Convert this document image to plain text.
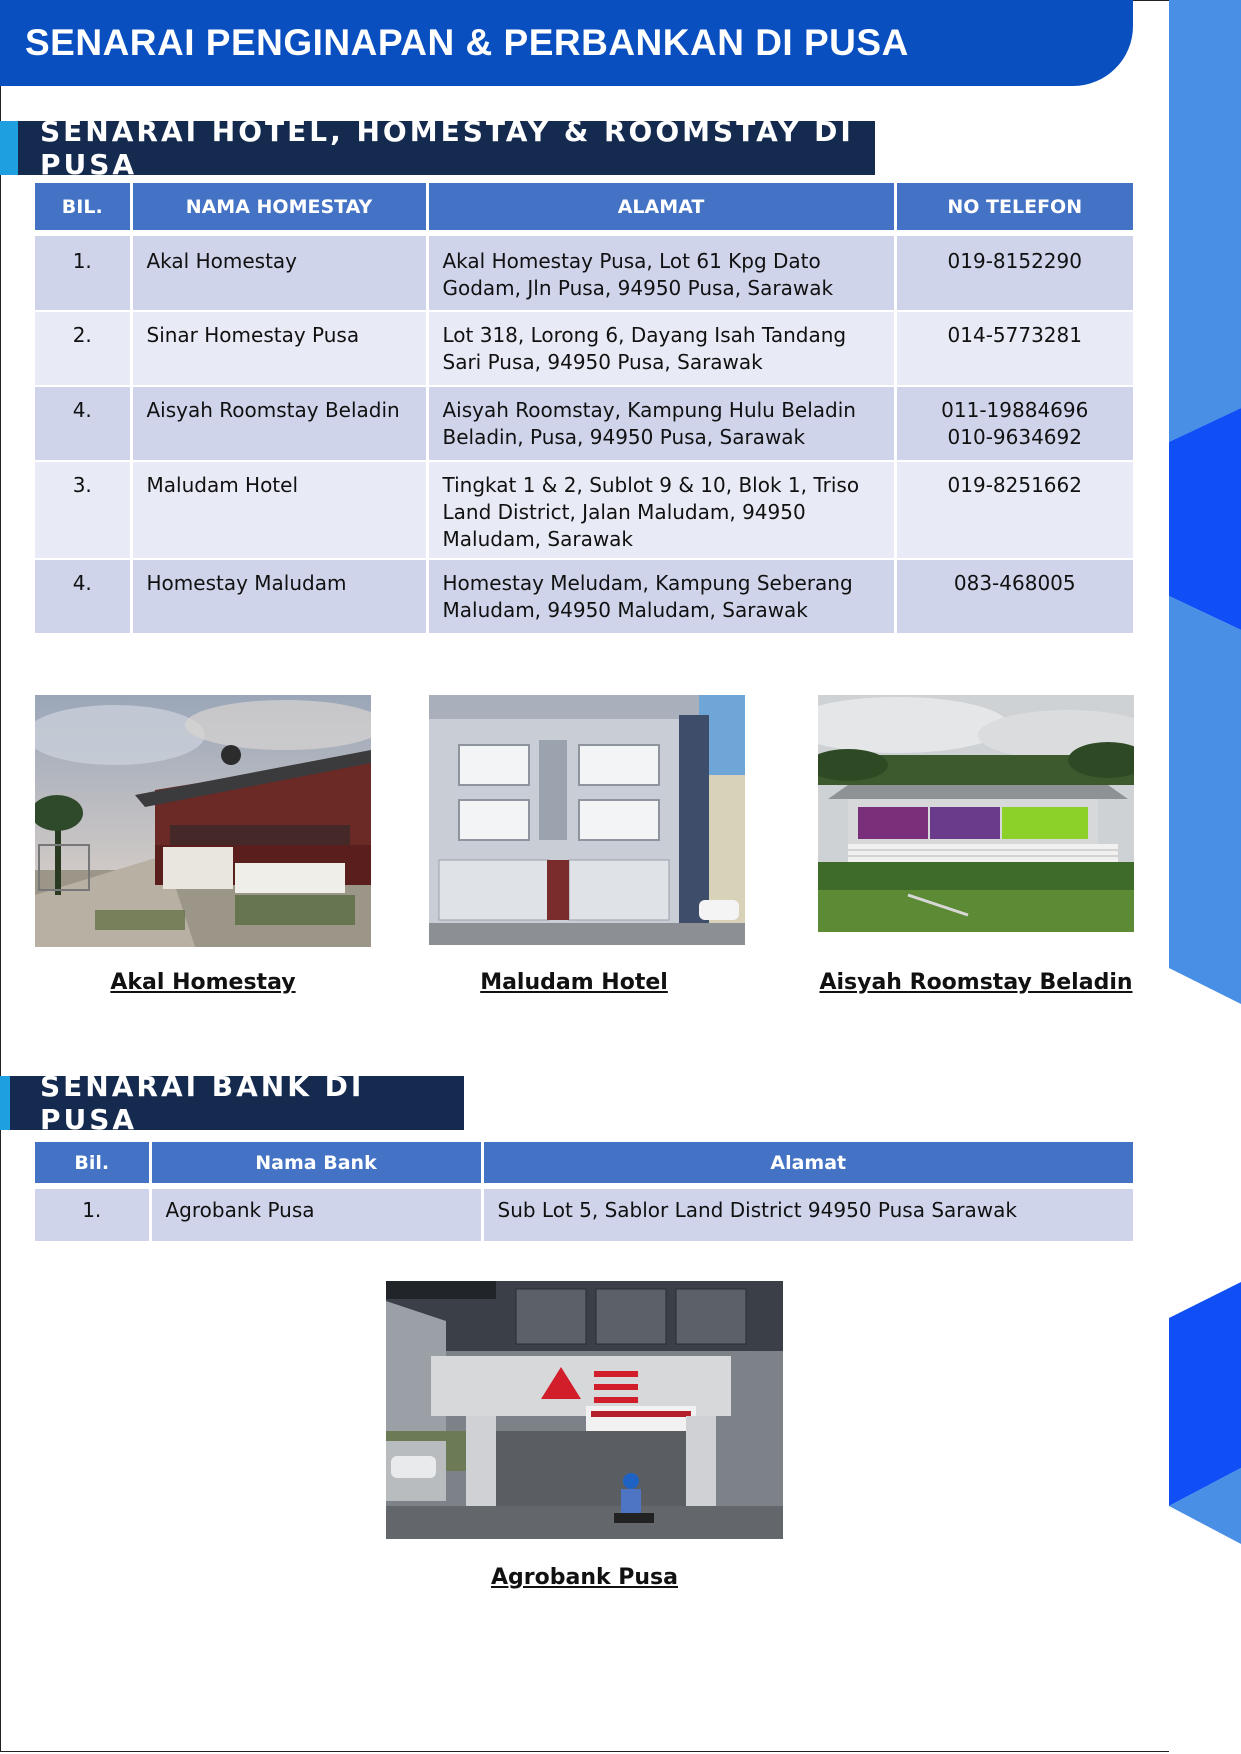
SENARAI PENGINAPAN & PERBANKAN DI PUSA
SENARAI HOTEL, HOMESTAY & ROOMSTAY DI PUSA
BIL.	NAMA HOMESTAY	ALAMAT	NO TELEFON
1.	Akal Homestay	Akal Homestay Pusa, Lot 61 Kpg Dato Godam, Jln Pusa, 94950 Pusa, Sarawak	019-8152290

2.	Sinar Homestay Pusa	Lot 318, Lorong 6, Dayang Isah Tandang Sari Pusa, 94950 Pusa, Sarawak	014-5773281

4.	Aisyah Roomstay Beladin	Aisyah Roomstay, Kampung Hulu Beladin Beladin, Pusa, 94950 Pusa, Sarawak	011-19884696
010-9634692

3.	Maludam Hotel	Tingkat 1 & 2, Sublot 9 & 10, Blok 1, Triso Land District, Jalan Maludam, 94950 Maludam, Sarawak	019-8251662

4.	Homestay Maludam	Homestay Meludam, Kampung Seberang Maludam, 94950 Maludam, Sarawak	083-468005
Akal Homestay	Maludam Hotel	Aisyah Roomstay Beladin
SENARAI BANK DI PUSA
Bil.	Nama Bank	Alamat
1.	Agrobank Pusa	Sub Lot 5, Sablor Land District 94950 Pusa Sarawak
Agrobank Pusa
